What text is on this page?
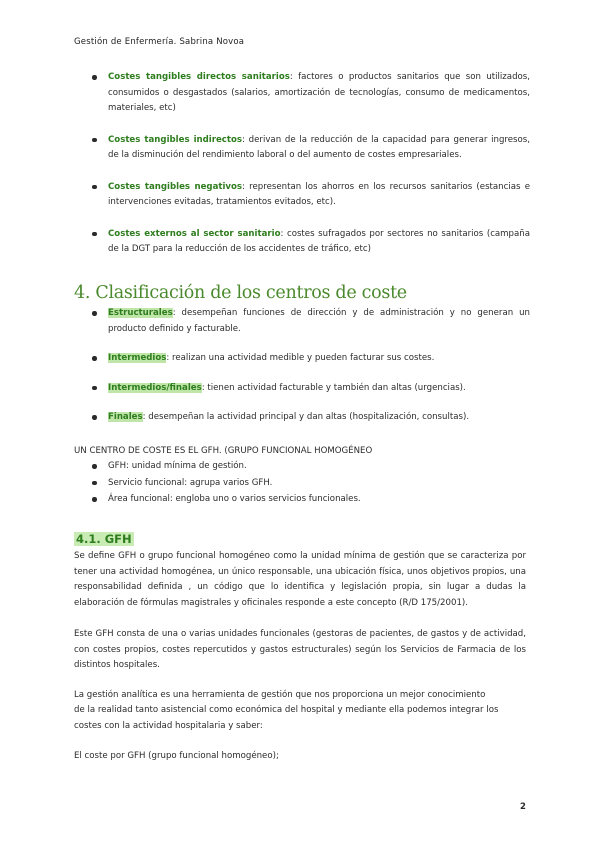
Gestión de Enfermería. Sabrina Novoa
Costes tangibles directos sanitarios: factores o productos sanitarios que son utilizados, consumidos o desgastados (salarios, amortización de tecnologías, consumo de medicamentos, materiales, etc)
Costes tangibles indirectos: derivan de la reducción de la capacidad para generar ingresos, de la disminución del rendimiento laboral o del aumento de costes empresariales.
Costes tangibles negativos: representan los ahorros en los recursos sanitarios (estancias e intervenciones evitadas, tratamientos evitados, etc).
Costes externos al sector sanitario: costes sufragados por sectores no sanitarios (campaña de la DGT para la reducción de los accidentes de tráfico, etc)
4. Clasificación de los centros de coste
Estructurales: desempeñan funciones de dirección y de administración y no generan un producto definido y facturable.
Intermedios: realizan una actividad medible y pueden facturar sus costes.
Intermedios/finales: tienen actividad facturable y también dan altas (urgencias).
Finales: desempeñan la actividad principal y dan altas (hospitalización, consultas).
UN CENTRO DE COSTE ES EL GFH. (GRUPO FUNCIONAL HOMOGÉNEO
GFH: unidad mínima de gestión.
Servicio funcional: agrupa varios GFH.
Área funcional: engloba uno o varios servicios funcionales.
4.1. GFH
Se define GFH o grupo funcional homogéneo como la unidad mínima de gestión que se caracteriza por tener una actividad homogénea, un único responsable, una ubicación física, unos objetivos propios, una responsabilidad definida , un código que lo identifica y legislación propia, sin lugar a dudas la elaboración de fórmulas magistrales y oficinales responde a este concepto (R/D 175/2001).
Este GFH consta de una o varias unidades funcionales (gestoras de pacientes, de gastos y de actividad, con costes propios, costes repercutidos y gastos estructurales) según los Servicios de Farmacia de los distintos hospitales.
La gestión analítica es una herramienta de gestión que nos proporciona un mejor conocimiento
de la realidad tanto asistencial como económica del hospital y mediante ella podemos integrar los costes con la actividad hospitalaria y saber:
El coste por GFH (grupo funcional homogéneo);
2
